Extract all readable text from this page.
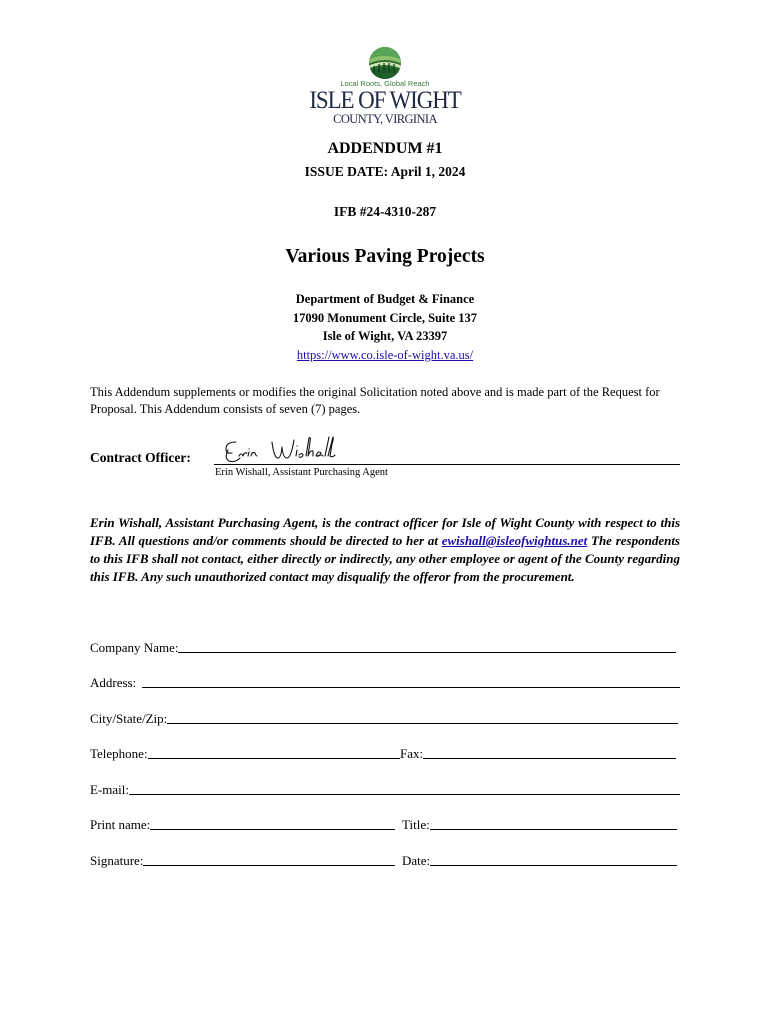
Local Roots, Global Reach
ISLE OF WIGHT
COUNTY, VIRGINIA
ADDENDUM #1
ISSUE DATE: April 1, 2024
IFB #24-4310-287
Various Paving Projects
Department of Budget & Finance
17090 Monument Circle, Suite 137
Isle of Wight, VA 23397
https://www.co.isle-of-wight.va.us/
This Addendum supplements or modifies the original Solicitation noted above and is made part of the Request for Proposal. This Addendum consists of seven (7) pages.
Contract Officer:
Erin Wishall, Assistant Purchasing Agent
Erin Wishall, Assistant Purchasing Agent, is the contract officer for Isle of Wight County with respect to this IFB. All questions and/or comments should be directed to her at ewishall@isleofwightus.net The respondents to this IFB shall not contact, either directly or indirectly, any other employee or agent of the County regarding this IFB. Any such unauthorized contact may disqualify the offeror from the procurement.
Company Name:
Address:
City/State/Zip:
Telephone:	Fax:
E-mail:
Print name:	Title:
Signature:	Date:
